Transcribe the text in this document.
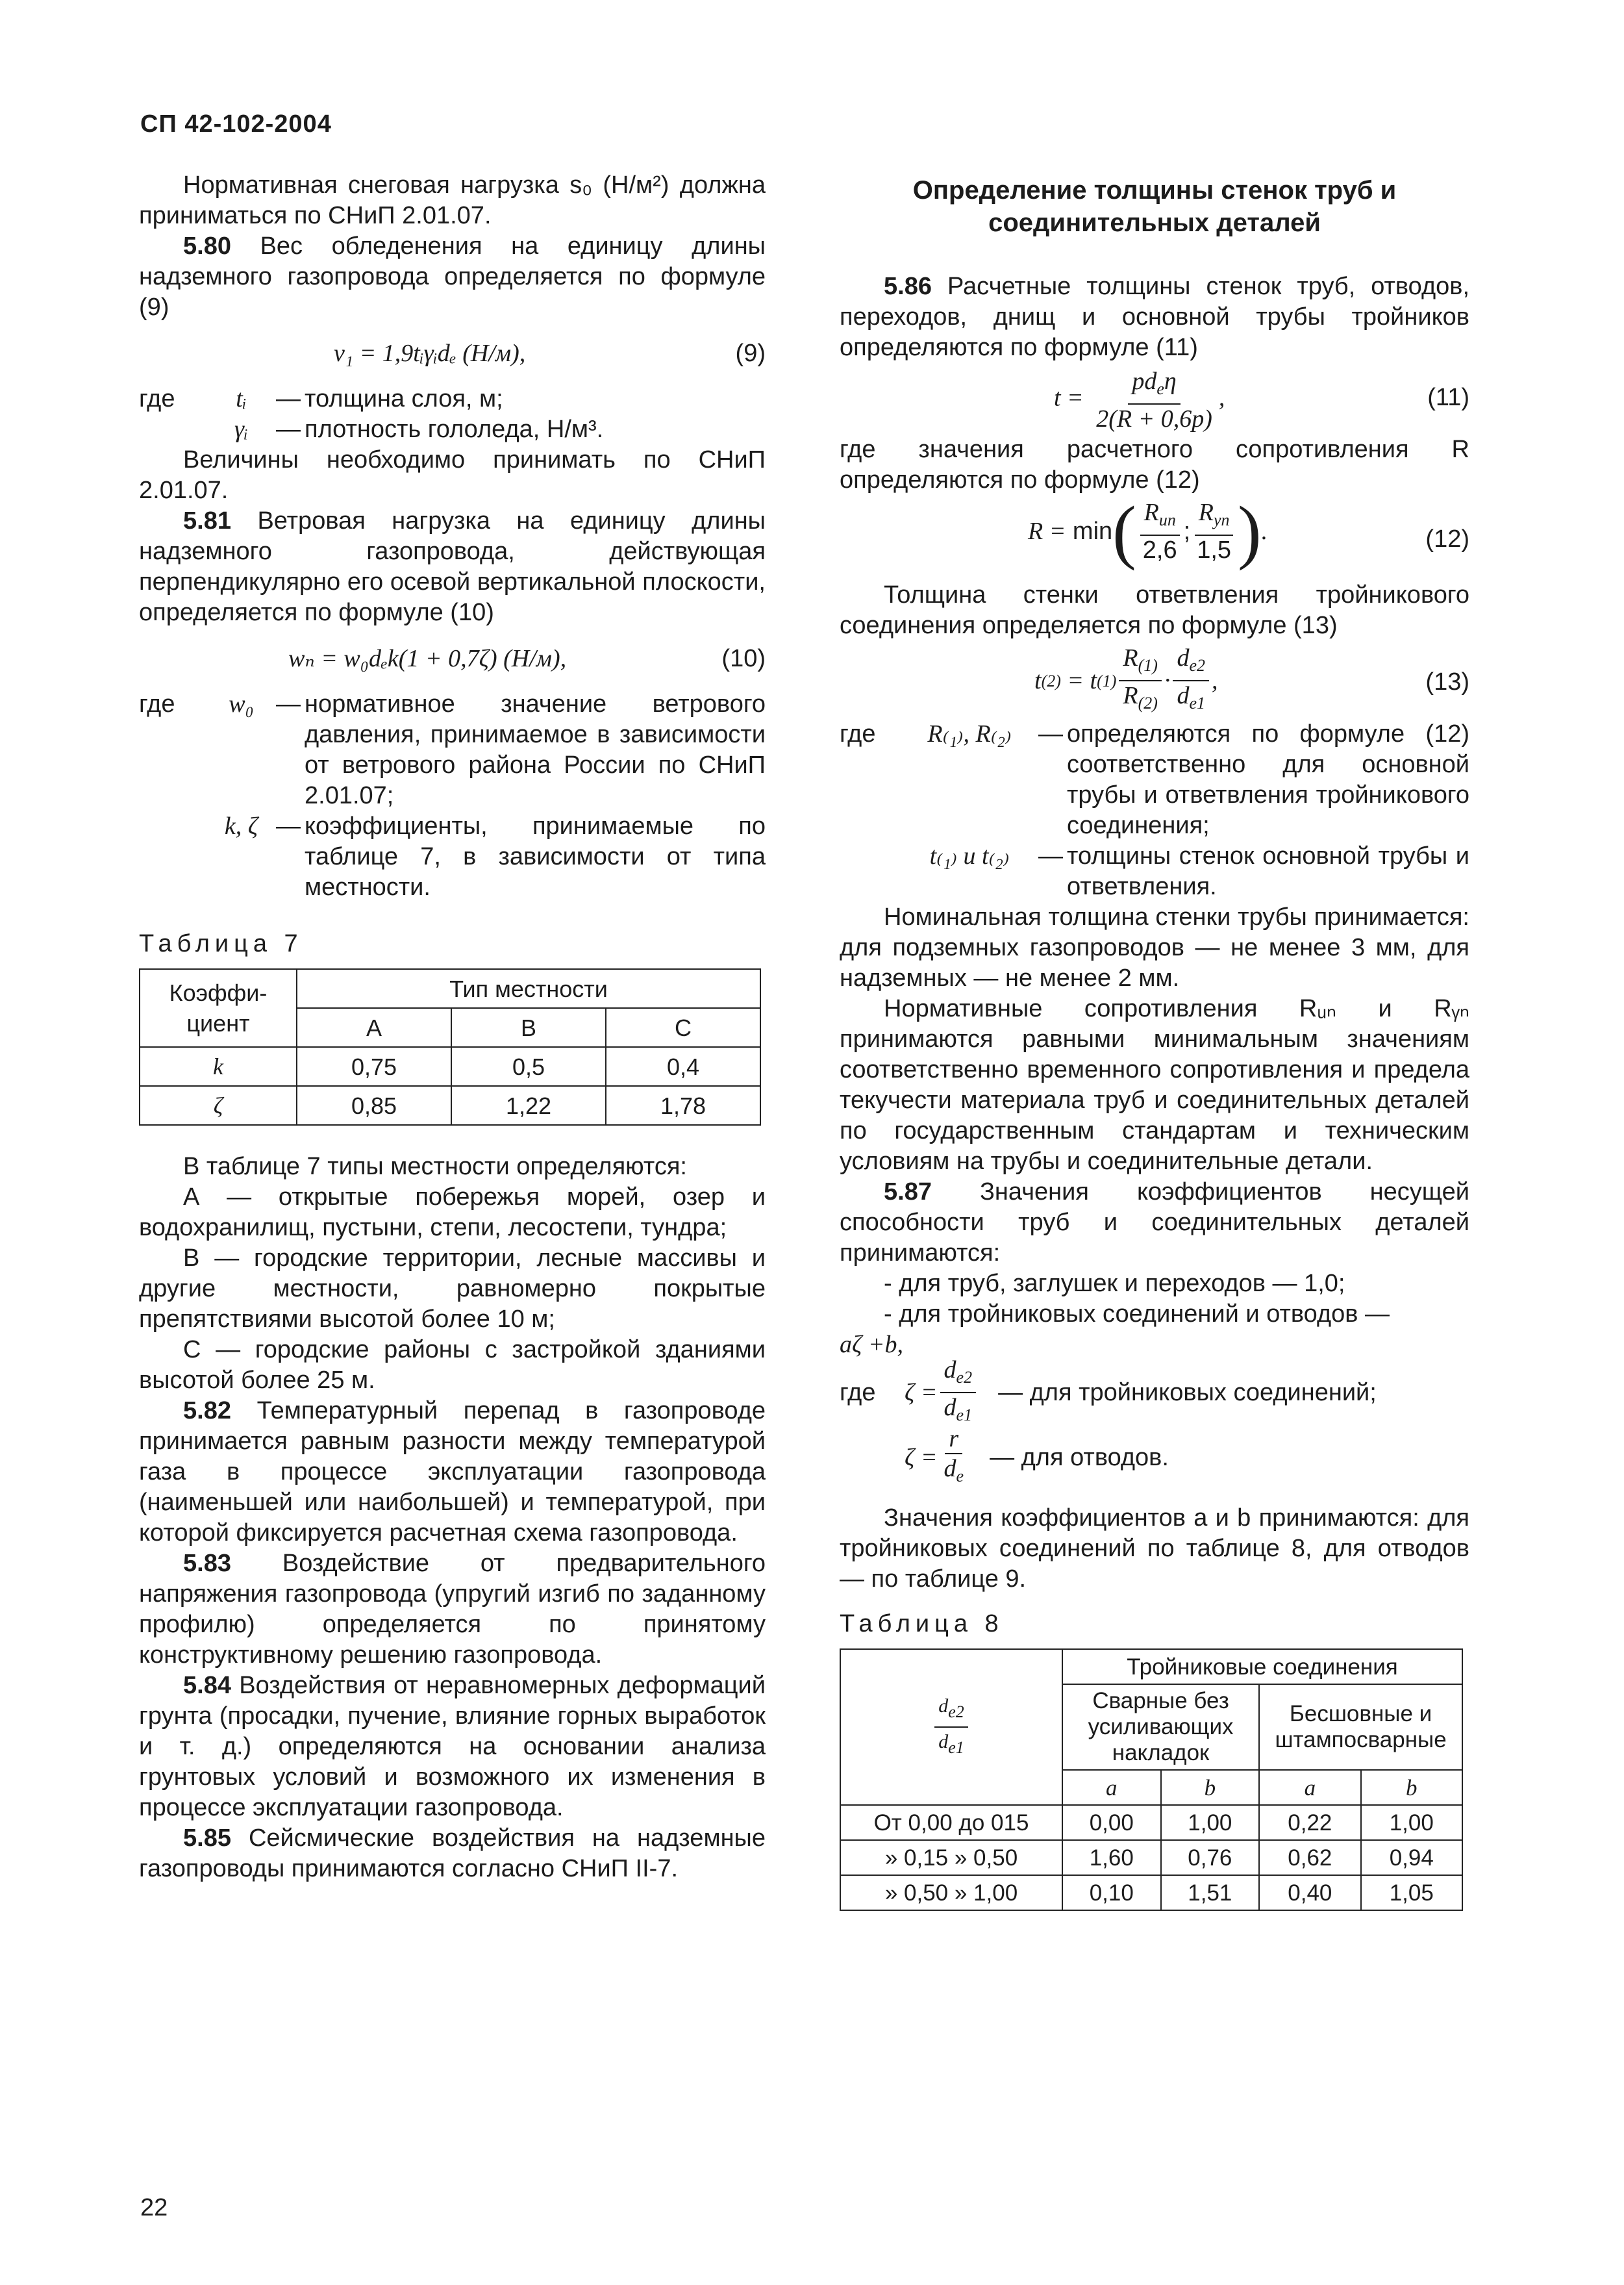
СП 42-102-2004

Нормативная снеговая нагрузка s₀ (Н/м²) должна приниматься по СНиП 2.01.07.

5.80 Вес обледенения на единицу длины надземного газопровода определяется по формуле (9)

v₁ = 1,9tᵢγᵢdₑ (Н/м),	(9)
где	tᵢ	— толщина слоя, м;
γᵢ	— плотность гололеда, Н/м³.

Величины необходимо принимать по СНиП 2.01.07.

5.81 Ветровая нагрузка на единицу длины надземного газопровода, действующая перпендикулярно его осевой вертикальной плоскости, определяется по формуле (10)

wₙ = w₀dₑk(1 + 0,7ζ) (Н/м),	(10)
где	w₀ — нормативное значение ветрового давления, принимаемое в зависимости от ветрового района России по СНиП 2.01.07;
k, ζ — коэффициенты, принимаемые по таблице 7, в зависимости от типа местности.
Таблица 7
Коэффи-циент	Тип местности		
	А	В	С
k	0,75	0,5	0,4
ζ	0,85	1,22	1,78

В таблице 7 типы местности определяются:

А — открытые побережья морей, озер и водохранилищ, пустыни, степи, лесостепи, тундра;

В — городские территории, лесные массивы и другие местности, равномерно покрытые препятствиями высотой более 10 м;

С — городские районы с застройкой зданиями высотой более 25 м.

5.82 Температурный перепад в газопроводе принимается равным разности между температурой газа в процессе эксплуатации газопровода (наименьшей или наибольшей) и температурой, при которой фиксируется расчетная схема газопровода.

5.83 Воздействие от предварительного напряжения газопровода (упругий изгиб по заданному профилю) определяется по принятому конструктивному решению газопровода.

5.84 Воздействия от неравномерных деформаций грунта (просадки, пучение, влияние горных выработок и т. д.) определяются на основании анализа грунтовых условий и возможного их изменения в процессе эксплуатации газопровода.

5.85 Сейсмические воздействия на надземные газопроводы принимаются согласно СНиП II-7.

Определение толщины стенок труб и соединительных деталей

5.86 Расчетные толщины стенок труб, отводов, переходов, днищ и основной трубы тройников определяются по формуле (11)

$t = \frac{pd_e\eta}{2(R + 0,6p)}$ ,	(11)

где значения расчетного сопротивления R определяются по формуле (12)

R = min ( $\frac{R_{un}}{2,6}$ ; $\frac{R_{yn}}{1,5}$ ) .	(12)

Толщина стенки ответвления тройникового соединения определяется по формуле (13)

t (2) = t $(1) \frac{R_{(1)}}{R_{(2)}} \cdot \frac{d_{e2}}{d_{e1}}$ ,	(13)
где	R₍₁₎, R₍₂₎	— определяются по формуле (12) соответственно для основной трубы и ответвления тройникового соединения;
t₍₁₎ и t₍₂₎	— толщины стенок основной трубы и ответвления.

Номинальная толщина стенки трубы принимается: для подземных газопроводов — не менее 3 мм, для надземных — не менее 2 мм.

Нормативные сопротивления Rᵤₙ и Rᵧₙ принимаются равными минимальным значениям соответственно временного сопротивления и предела текучести материала труб и соединительных деталей по государственным стандартам и техническим условиям на трубы и соединительные детали.

5.87 Значения коэффициентов несущей способности труб и соединительных деталей принимаются:

- для труб, заглушек и переходов — 1,0;

- для тройниковых соединений и отводов —

aζ +b,

где	$\zeta = \frac{d_{e2}}{d_{e1}}$ — для тройниковых соединений;
$\zeta = \frac{r}{d_e}$ — для отводов.

Значения коэффициентов a и b принимаются: для тройниковых соединений по таблице 8, для отводов — по таблице 9.

Таблица 8
$\frac{de2}{de1}$	Тройниковые соединения			
	Сварные без усиливающих накладок		Бесшовные и штампосварные	
	a	b	a	b
От 0,00 до 015	0,00	1,00	0,22	1,00
» 0,15 » 0,50	1,60	0,76	0,62	0,94
» 0,50 » 1,00	0,10	1,51	0,40	1,05
22
